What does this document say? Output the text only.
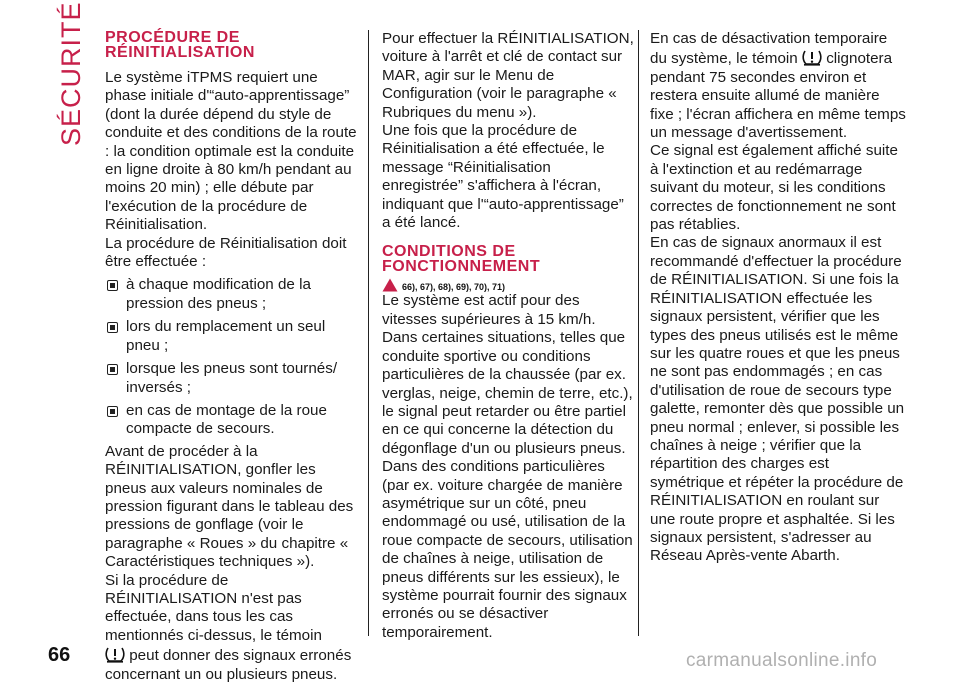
SÉCURITÉ PROCÉDURE DE RÉINITIALISATION

Le système iTPMS requiert une phase initiale d'“auto-apprentissage” (dont la durée dépend du style de conduite et des conditions de la route : la condition optimale est la conduite en ligne droite à 80 km/h pendant au moins 20 min) ; elle débute par l'exécution de la procédure de Réinitialisation.

La procédure de Réinitialisation doit être effectuée :

à chaque modification de la pression des pneus ;
lors du remplacement un seul pneu ;
lorsque les pneus sont tournés/ inversés ;
en cas de montage de la roue compacte de secours.

Avant de procéder à la RÉINITIALISATION, gonfler les pneus aux valeurs nominales de pression figurant dans le tableau des pressions de gonflage (voir le paragraphe « Roues » du chapitre « Caractéristiques techniques »).

Si la procédure de RÉINITIALISATION n'est pas effectuée, dans tous les cas mentionnés ci-dessus, le témoin
peut donner des signaux erronés concernant un ou plusieurs pneus.

Pour effectuer la RÉINITIALISATION, voiture à l'arrêt et clé de contact sur MAR, agir sur le Menu de Configuration (voir le paragraphe « Rubriques du menu »).

Une fois que la procédure de Réinitialisation a été effectuée, le message “Réinitialisation enregistrée” s'affichera à l'écran, indiquant que l'“auto-apprentissage” a été lancé.

CONDITIONS DE FONCTIONNEMENT
66), 67), 68), 69), 70), 71)

Le système est actif pour des vitesses supérieures à 15 km/h.

Dans certaines situations, telles que conduite sportive ou conditions particulières de la chaussée (par ex. verglas, neige, chemin de terre, etc.), le signal peut retarder ou être partiel en ce qui concerne la détection du dégonflage d'un ou plusieurs pneus.

Dans des conditions particulières (par ex. voiture chargée de manière asymétrique sur un côté, pneu endommagé ou usé, utilisation de la roue compacte de secours, utilisation de chaînes à neige, utilisation de pneus différents sur les essieux), le système pourrait fournir des signaux erronés ou se désactiver temporairement.

En cas de désactivation temporaire du système, le témoin clignotera pendant 75 secondes environ et restera ensuite allumé de manière fixe ; l'écran affichera en même temps un message d'avertissement.

Ce signal est également affiché suite à l'extinction et au redémarrage suivant du moteur, si les conditions correctes de fonctionnement ne sont pas rétablies.

En cas de signaux anormaux il est recommandé d'effectuer la procédure de RÉINITIALISATION. Si une fois la RÉINITIALISATION effectuée les signaux persistent, vérifier que les types des pneus utilisés est le même sur les quatre roues et que les pneus ne sont pas endommagés ; en cas d'utilisation de roue de secours type galette, remonter dès que possible un pneu normal ; enlever, si possible les chaînes à neige ; vérifier que la répartition des charges est symétrique et répéter la procédure de RÉINITIALISATION en roulant sur une route propre et asphaltée. Si les signaux persistent, s'adresser au Réseau Après-vente Abarth.

66	carmanualsonline.info
